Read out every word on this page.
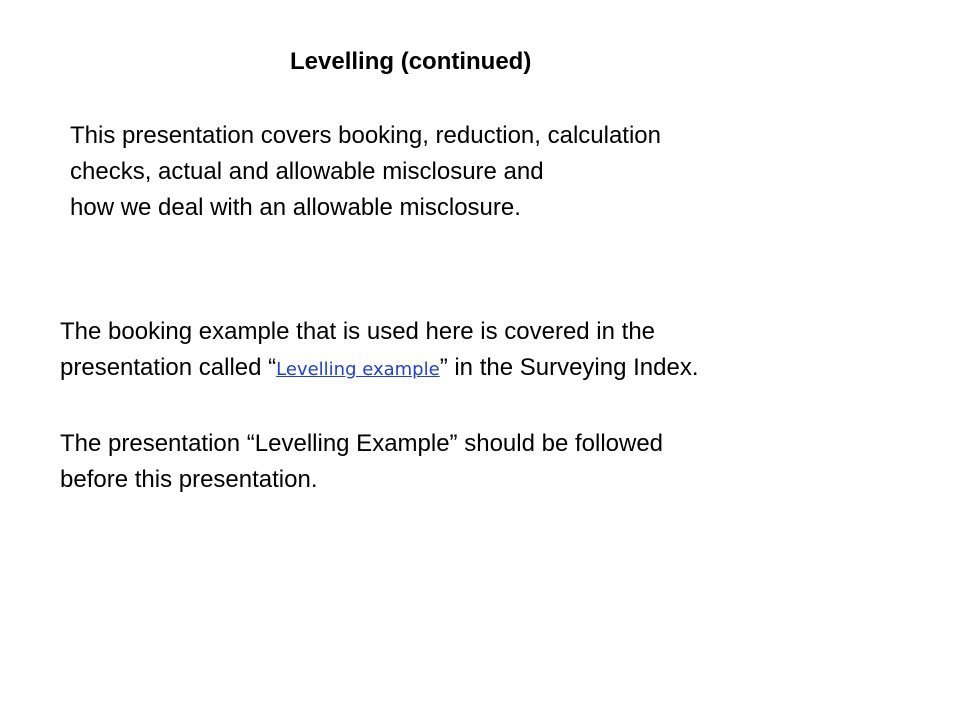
Levelling (continued)
This presentation covers booking, reduction, calculation
checks, actual and allowable misclosure and
how we deal with an allowable misclosure.
The booking example that is used here is covered in the
presentation called “Levelling example” in the Surveying Index.
The presentation “Levelling Example” should be followed
before this presentation.
